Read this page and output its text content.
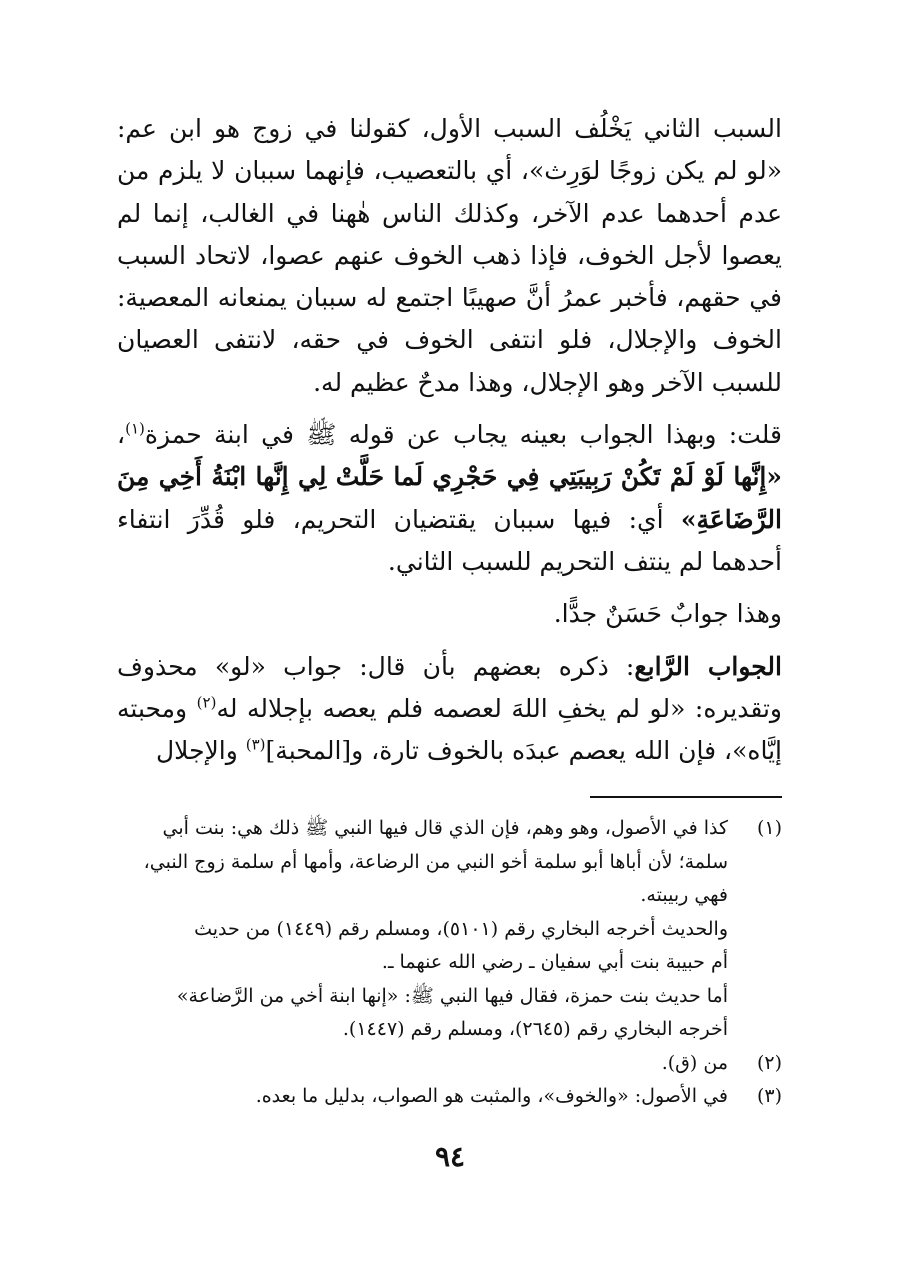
السبب الثاني يَخْلُف السبب الأول، كقولنا في زوج هو ابن عم: «لو لم يكن زوجًا لوَرِث»، أي بالتعصيب، فإنهما سببان لا يلزم من عدم أحدهما عدم الآخر، وكذلك الناس هٰهنا في الغالب، إنما لم يعصوا لأجل الخوف، فإذا ذهب الخوف عنهم عصوا، لاتحاد السبب في حقهم، فأخبر عمرُ أنَّ صهيبًا اجتمع له سببان يمنعانه المعصية: الخوف والإجلال، فلو انتفى الخوف في حقه، لانتفى العصيان للسبب الآخر وهو الإجلال، وهذا مدحٌ عظيم له.

قلت: وبهذا الجواب بعينه يجاب عن قوله ﷺ في ابنة حمزة$^{(١)}$، «إِنَّها لَوْ لَمْ تَكُنْ رَبِيبَتِي فِي حَجْرِي لَما حَلَّتْ لِي إِنَّها ابْنَةُ أَخِي مِنَ الرَّضَاعَةِ» أي: فيها سببان يقتضيان التحريم، فلو قُدِّرَ انتفاء أحدهما لم ينتف التحريم للسبب الثاني.

وهذا جوابٌ حَسَنٌ جدًّا.

الجواب الرَّابع: ذكره بعضهم بأن قال: جواب «لو» محذوف وتقديره: «لو لم يخفِ اللهَ لعصمه فلم يعصه بإجلاله له$^{(٢)}$ ومحبته إيَّاه»، فإن الله يعصم عبدَه بالخوف تارة، و[المحبة]$^{(٣)}$ والإجلال

(١)
كذا في الأصول، وهو وهم، فإن الذي قال فيها النبي ﷺ ذلك هي: بنت أبي
سلمة؛ لأن أباها أبو سلمة أخو النبي من الرضاعة، وأمها أم سلمة زوج النبي،
فهي ربيبته.
والحديث أخرجه البخاري رقم (٥١٠١)، ومسلم رقم (١٤٤٩) من حديث
أم حبيبة بنت أبي سفيان ـ رضي الله عنهما ـ.
أما حديث بنت حمزة، فقال فيها النبي ﷺ: «إنها ابنة أخي من الرَّضاعة»
أخرجه البخاري رقم (٢٦٤٥)، ومسلم رقم (١٤٤٧).
(٢)
من (ق).
(٣)
في الأصول: «والخوف»، والمثبت هو الصواب، بدليل ما بعده.
٩٤
